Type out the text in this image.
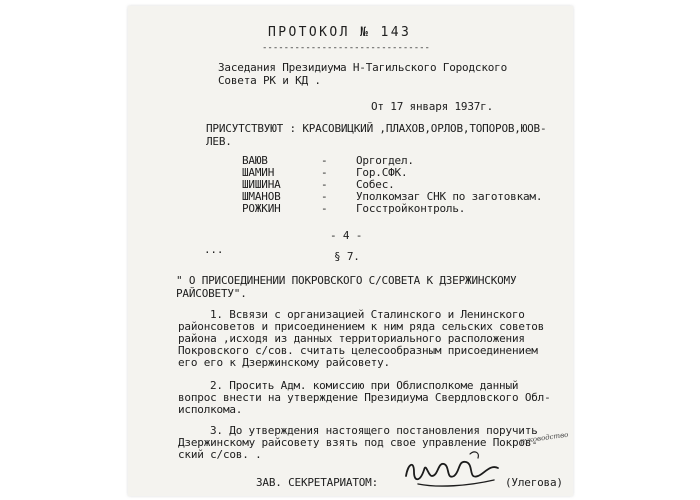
ПРОТОКОЛ № 143
-------------------------------
Заседания Президиума Н-Тагильского Городского
Совета РК и КД .
От 17 января 1937г.
ПРИСУТСТВУЮТ : КРАСОВИЦКИЙ ,ПЛАХОВ,ОРЛОВ,ТОПОРОВ,ЮОВ-
ЛЕВ.
ВАЮВ	-	Оргогдел.
ШАМИН	-	Гор.СФК.
ШИШИНА	-	Собес.
ШМАНОВ	-	Уполкомзаг СНК по заготовкам.
РОЖКИН	-	Госстройконтроль.
- 4 -
...
§ 7.
" О ПРИСОЕДИНЕНИИ ПОКРОВСКОГО С/СОВЕТА К ДЗЕРЖИНСКОМУ
РАЙСОВЕТУ".
1. Всвязи с организацией Сталинского и Ленинского
районсоветов и присоединением к ним ряда сельских советов
района ,исходя из данных территориального расположения
Покровского с/сов. считать целесообразным присоединением
его его к Дзержинскому райсовету.
2. Просить Адм. комиссию при Облисполкоме данный
вопрос внести на утверждение Президиума Свердловского Обл-
исполкома.
3. До утверждения настоящего постановления поручить
Дзержинскому райсовету взять под свое управление Покров-
ский с/сов. .
руководство
ЗАВ. СЕКРЕТАРИАТОМ:	(Улегова)
